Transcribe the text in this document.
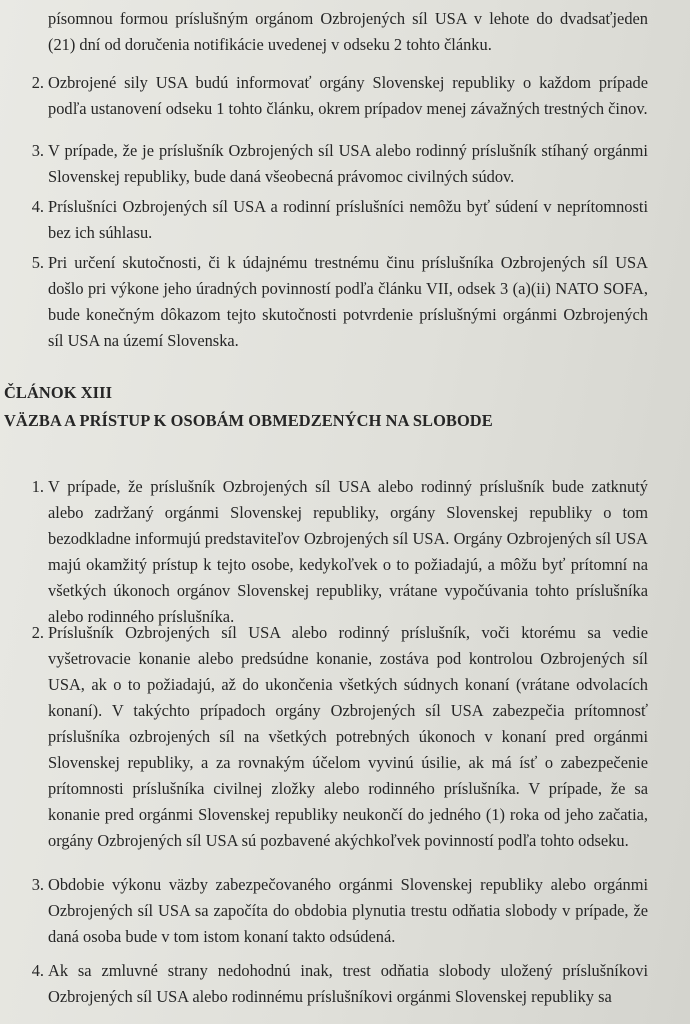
písomnou formou príslušným orgánom Ozbrojených síl USA v lehote do dvadsaťjeden (21) dní od doručenia notifikácie uvedenej v odseku 2 tohto článku.

2. Ozbrojené sily USA budú informovať orgány Slovenskej republiky o každom prípade podľa ustanovení odseku 1 tohto článku, okrem prípadov menej závažných trestných činov.

3. V prípade, že je príslušník Ozbrojených síl USA alebo rodinný príslušník stíhaný orgánmi Slovenskej republiky, bude daná všeobecná právomoc civilných súdov.

4. Príslušníci Ozbrojených síl USA a rodinní príslušníci nemôžu byť súdení v neprítomnosti bez ich súhlasu.

5. Pri určení skutočnosti, či k údajnému trestnému činu príslušníka Ozbrojených síl USA došlo pri výkone jeho úradných povinností podľa článku VII, odsek 3 (a)(ii) NATO SOFA, bude konečným dôkazom tejto skutočnosti potvrdenie príslušnými orgánmi Ozbrojených síl USA na území Slovenska.

ČLÁNOK XIII
VÄZBA A PRÍSTUP K OSOBÁM OBMEDZENÝCH NA SLOBODE
1. V prípade, že príslušník Ozbrojených síl USA alebo rodinný príslušník bude zatknutý alebo zadržaný orgánmi Slovenskej republiky, orgány Slovenskej republiky o tom bezodkladne informujú predstaviteľov Ozbrojených síl USA. Orgány Ozbrojených síl USA majú okamžitý prístup k tejto osobe, kedykoľvek o to požiadajú, a môžu byť prítomní na všetkých úkonoch orgánov Slovenskej republiky, vrátane vypočúvania tohto príslušníka alebo rodinného príslušníka.

2. Príslušník Ozbrojených síl USA alebo rodinný príslušník, voči ktorému sa vedie vyšetrovacie konanie alebo predsúdne konanie, zostáva pod kontrolou Ozbrojených síl USA, ak o to požiadajú, až do ukončenia všetkých súdnych konaní (vrátane odvolacích konaní). V takýchto prípadoch orgány Ozbrojených síl USA zabezpečia prítomnosť príslušníka ozbrojených síl na všetkých potrebných úkonoch v konaní pred orgánmi Slovenskej republiky, a za rovnakým účelom vyvinú úsilie, ak má ísť o zabezpečenie prítomnosti príslušníka civilnej zložky alebo rodinného príslušníka. V prípade, že sa konanie pred orgánmi Slovenskej republiky neukončí do jedného (1) roka od jeho začatia, orgány Ozbrojených síl USA sú pozbavené akýchkoľvek povinností podľa tohto odseku.

3. Obdobie výkonu väzby zabezpečovaného orgánmi Slovenskej republiky alebo orgánmi Ozbrojených síl USA sa započíta do obdobia plynutia trestu odňatia slobody v prípade, že daná osoba bude v tom istom konaní takto odsúdená.

4. Ak sa zmluvné strany nedohodnú inak, trest odňatia slobody uložený príslušníkovi Ozbrojených síl USA alebo rodinnému príslušníkovi orgánmi Slovenskej republiky sa
